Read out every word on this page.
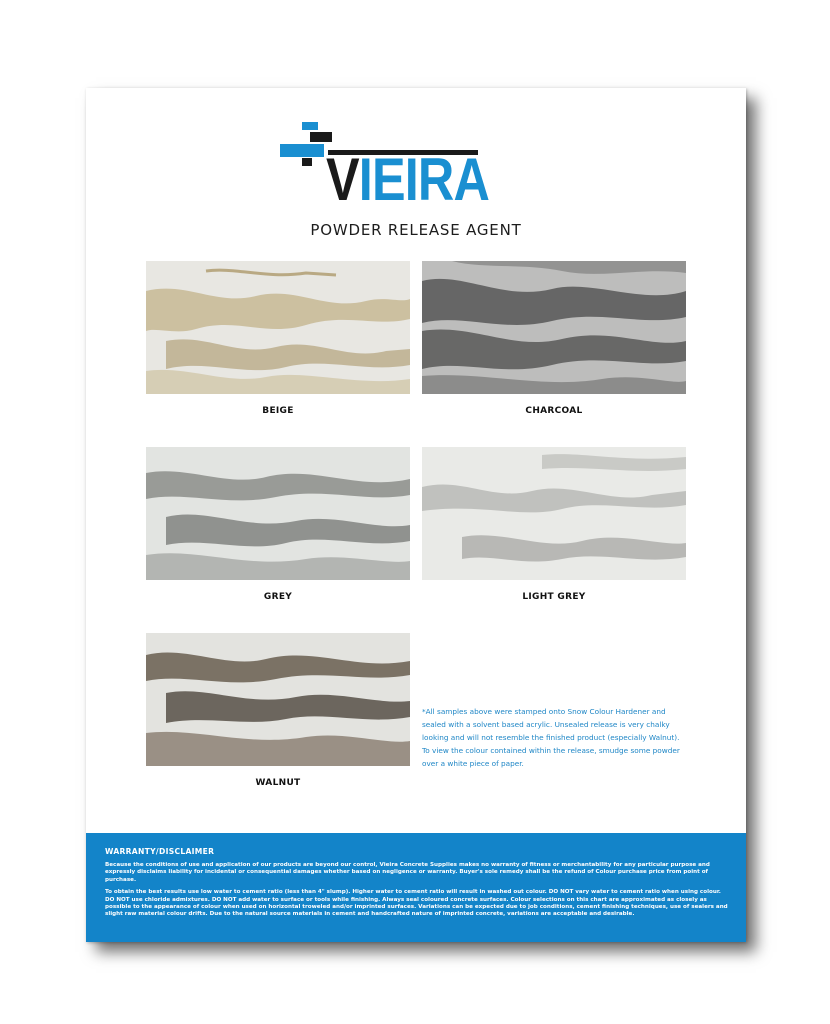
VIEIRA
POWDER RELEASE AGENT
BEIGE	CHARCOAL
GREY	LIGHT GREY
WALNUT
*All samples above were stamped onto Snow Colour Hardener and sealed with a solvent based acrylic. Unsealed release is very chalky looking and will not resemble the finished product (especially Walnut). To view the colour contained within the release, smudge some powder over a white piece of paper.
WARRANTY/DISCLAIMER

Because the conditions of use and application of our products are beyond our control, Vieira Concrete Supplies makes no warranty of fitness or merchantability for any particular purpose and expressly disclaims liability for incidental or consequential damages whether based on negligence or warranty. Buyer's sole remedy shall be the refund of Colour purchase price from point of purchase.

To obtain the best results use low water to cement ratio (less than 4" slump). Higher water to cement ratio will result in washed out colour. DO NOT vary water to cement ratio when using colour. DO NOT use chloride admixtures. DO NOT add water to surface or tools while finishing. Always seal coloured concrete surfaces. Colour selections on this chart are approximated as closely as possible to the appearance of colour when used on horizontal troweled and/or imprinted surfaces. Variations can be expected due to job conditions, cement finishing techniques, use of sealers and slight raw material colour drifts. Due to the natural source materials in cement and handcrafted nature of imprinted concrete, variations are acceptable and desirable.
